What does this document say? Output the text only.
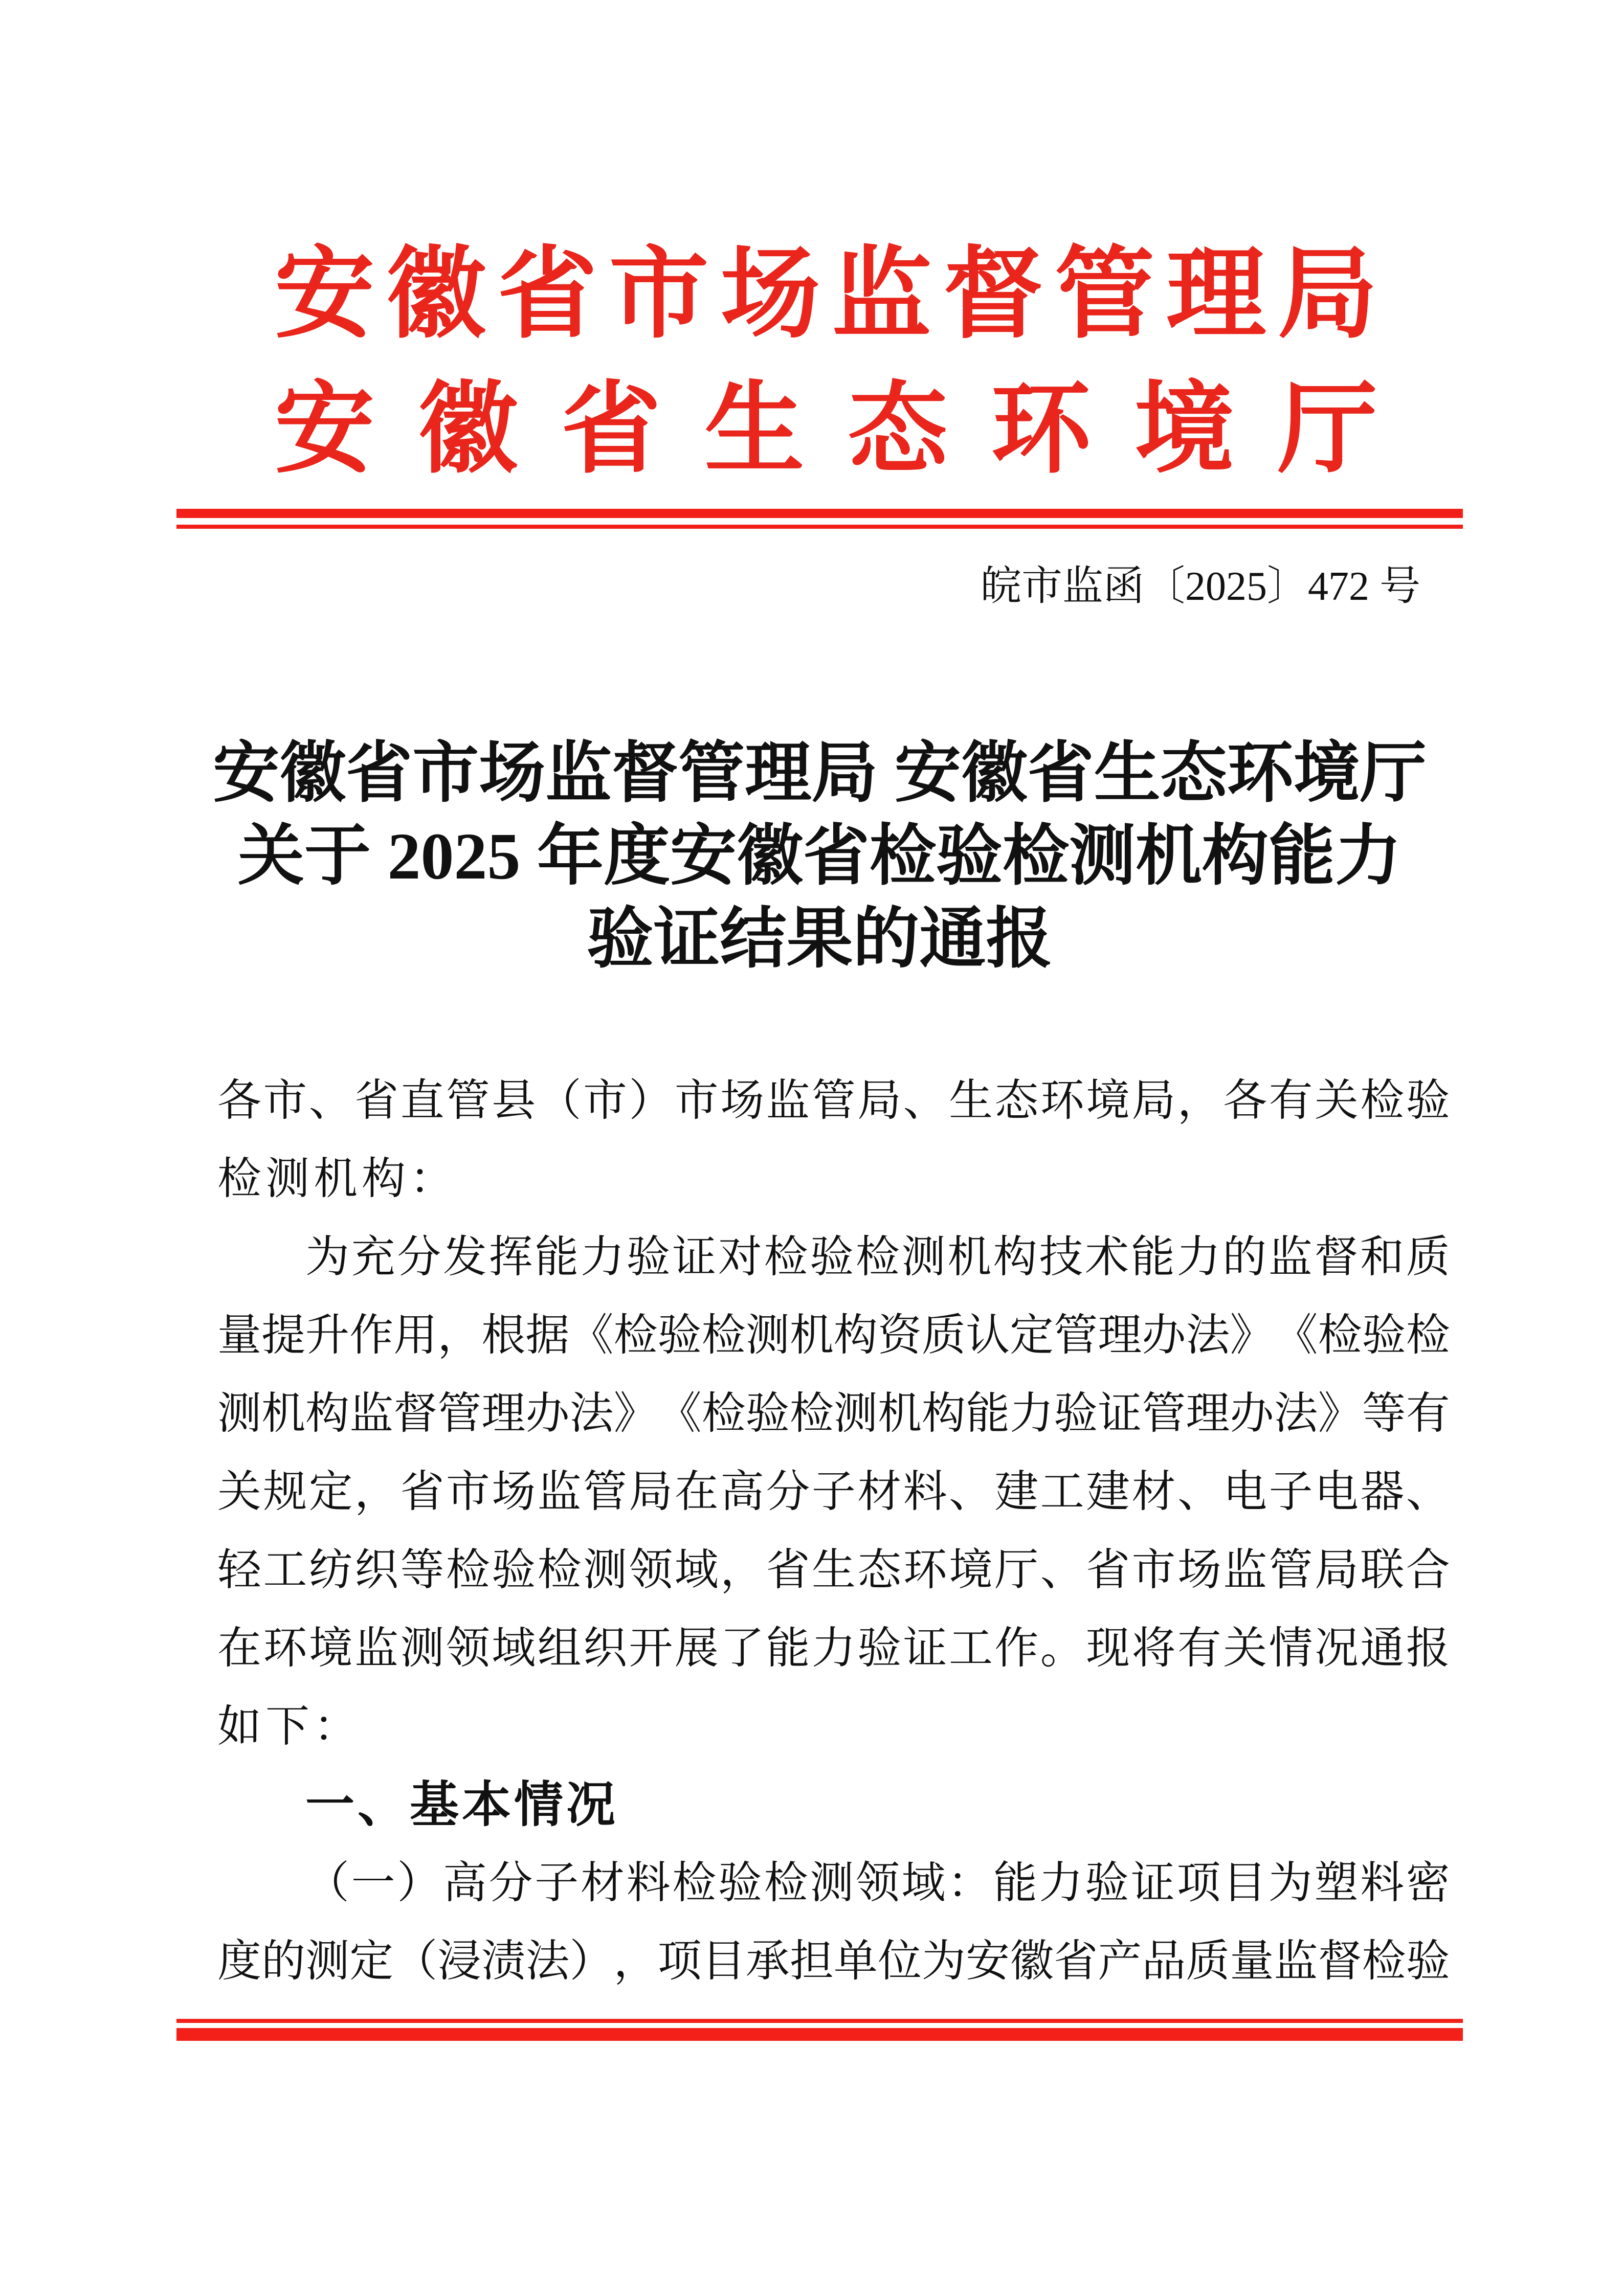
安 徽 省 市 场 监 督 管 理 局
安 徽 省 生 态 环 境 厅
皖市监函〔2025〕472 号
安徽省市场监督管理局 安徽省生态环境厅
关于 2025 年度安徽省检验检测机构能力
验证结果的通报
各 市 、 省 直 管 县 （ 市 ） 市 场 监 管 局 、 生 态 环 境 局 ， 各 有 关 检 验
检测机构：
为 充 分 发 挥 能 力 验 证 对 检 验 检 测 机 构 技 术 能 力 的 监 督 和 质
量 提 升 作 用 ， 根 据 《 检 验 检 测 机 构 资 质 认 定 管 理 办 法 》 《 检 验 检
测 机 构 监 督 管 理 办 法 》 《 检 验 检 测 机 构 能 力 验 证 管 理 办 法 》 等 有
关 规 定 ， 省 市 场 监 管 局 在 高 分 子 材 料 、 建 工 建 材 、 电 子 电 器 、
轻 工 纺 织 等 检 验 检 测 领 域 ， 省 生 态 环 境 厅 、 省 市 场 监 管 局 联 合
在 环 境 监 测 领 域 组 织 开 展 了 能 力 验 证 工 作 。 现 将 有 关 情 况 通 报
如下：
一、基本情况
（ 一 ） 高 分 子 材 料 检 验 检 测 领 域 ： 能 力 验 证 项 目 为 塑 料 密
度 的 测 定 （ 浸 渍 法 ） ， 项 目 承 担 单 位 为 安 徽 省 产 品 质 量 监 督 检 验
